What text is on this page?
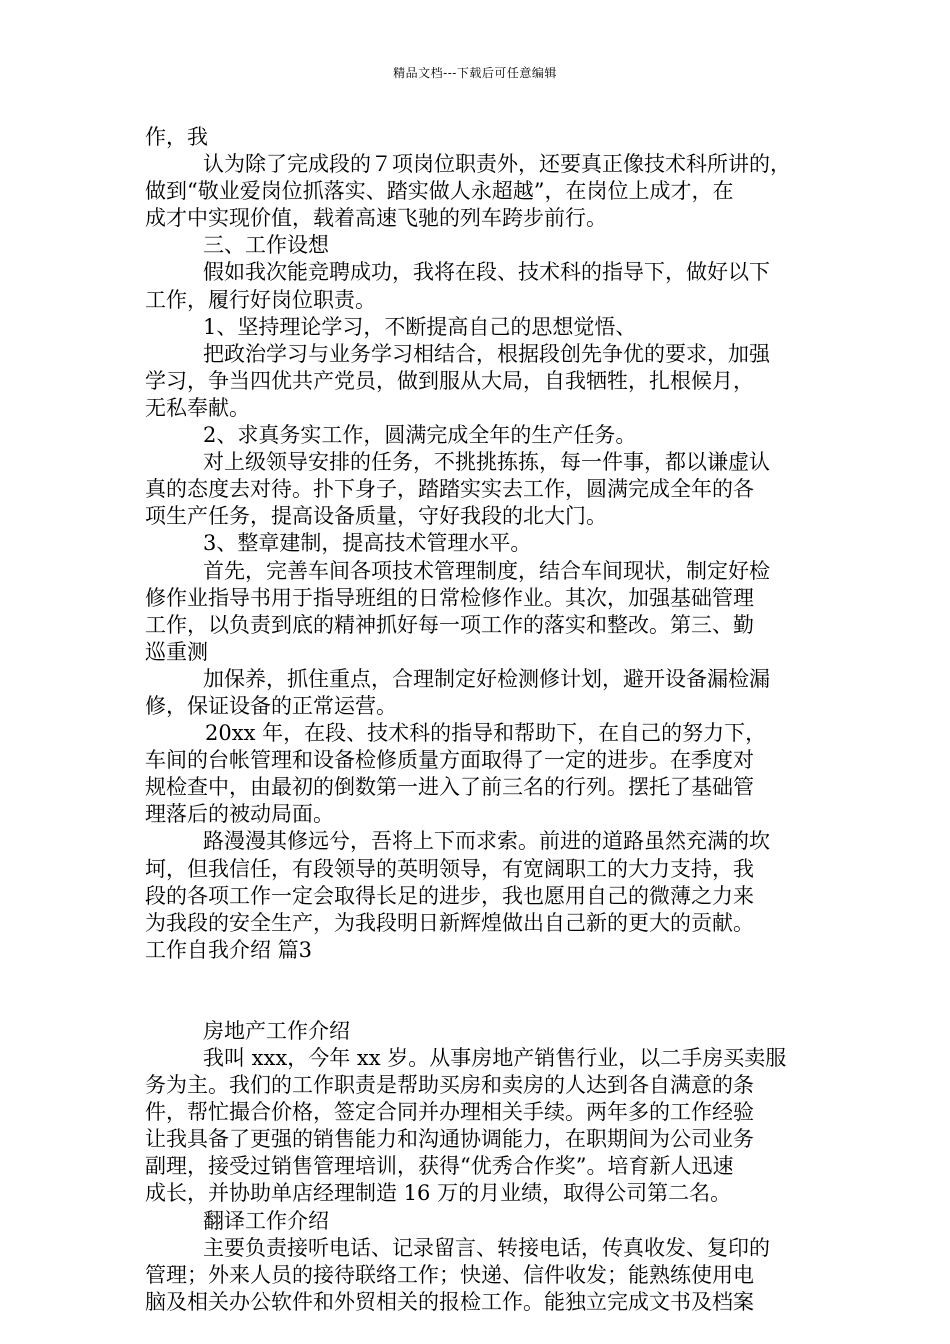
精品文档---下载后可任意编辑
作，我
认为除了完成段的７项岗位职责外，还要真正像技术科所讲的，
做到“敬业爱岗位抓落实、踏实做人永超越”，在岗位上成才，在
成才中实现价值，载着高速飞驰的列车跨步前行。
三、工作设想
假如我次能竞聘成功，我将在段、技术科的指导下，做好以下
工作，履行好岗位职责。
1、坚持理论学习，不断提高自己的思想觉悟、
把政治学习与业务学习相结合，根据段创先争优的要求，加强
学习，争当四优共产党员，做到服从大局，自我牺牲，扎根候月，
无私奉献。
2、求真务实工作，圆满完成全年的生产任务。
对上级领导安排的任务，不挑挑拣拣，每一件事，都以谦虚认
真的态度去对待。扑下身子，踏踏实实去工作，圆满完成全年的各
项生产任务，提高设备质量，守好我段的北大门。
3、整章建制，提高技术管理水平。
首先，完善车间各项技术管理制度，结合车间现状，制定好检
修作业指导书用于指导班组的日常检修作业。其次，加强基础管理
工作，以负责到底的精神抓好每一项工作的落实和整改。第三、勤
巡重测
加保养，抓住重点，合理制定好检测修计划，避开设备漏检漏
修，保证设备的正常运营。
20xx 年，在段、技术科的指导和帮助下，在自己的努力下，
车间的台帐管理和设备检修质量方面取得了一定的进步。在季度对
规检查中，由最初的倒数第一进入了前三名的行列。摆托了基础管
理落后的被动局面。
路漫漫其修远兮，吾将上下而求索。前进的道路虽然充满的坎
坷，但我信任，有段领导的英明领导，有宽阔职工的大力支持，我
段的各项工作一定会取得长足的进步，我也愿用自己的微薄之力来
为我段的安全生产，为我段明日新辉煌做出自己新的更大的贡献。
工作自我介绍 篇3
房地产工作介绍
我叫 xxx，今年 xx 岁。从事房地产销售行业，以二手房买卖服
务为主。我们的工作职责是帮助买房和卖房的人达到各自满意的条
件，帮忙撮合价格，签定合同并办理相关手续。两年多的工作经验
让我具备了更强的销售能力和沟通协调能力，在职期间为公司业务
副理，接受过销售管理培训，获得“优秀合作奖”。培育新人迅速
成长，并协助单店经理制造 16 万的月业绩，取得公司第二名。
翻译工作介绍
主要负责接听电话、记录留言、转接电话，传真收发、复印的
管理；外来人员的接待联络工作；快递、信件收发；能熟练使用电
脑及相关办公软件和外贸相关的报检工作。能独立完成文书及档案
